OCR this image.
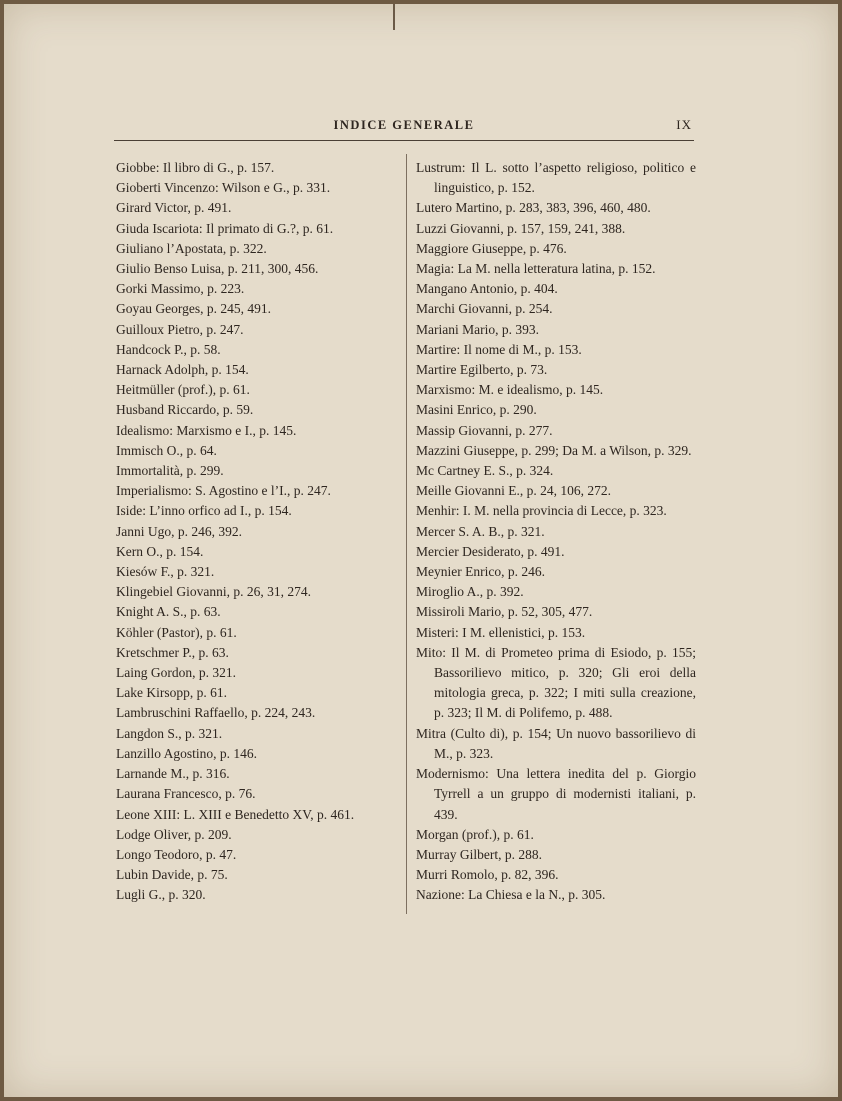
INDICE GENERALE	IX

Giobbe: Il libro di G., p. 157.

Gioberti Vincenzo: Wilson e G., p. 331.

Girard Victor, p. 491.

Giuda Iscariota: Il primato di G.?, p. 61.

Giuliano l’Apostata, p. 322.

Giulio Benso Luisa, p. 211, 300, 456.

Gorki Massimo, p. 223.

Goyau Georges, p. 245, 491.

Guilloux Pietro, p. 247.

Handcock P., p. 58.

Harnack Adolph, p. 154.

Heitmüller (prof.), p. 61.

Husband Riccardo, p. 59.

Idealismo: Marxismo e I., p. 145.

Immisch O., p. 64.

Immortalità, p. 299.

Imperialismo: S. Agostino e l’I., p. 247.

Iside: L’inno orfico ad I., p. 154.

Janni Ugo, p. 246, 392.

Kern O., p. 154.

Kiesów F., p. 321.

Klingebiel Giovanni, p. 26, 31, 274.

Knight A. S., p. 63.

Köhler (Pastor), p. 61.

Kretschmer P., p. 63.

Laing Gordon, p. 321.

Lake Kirsopp, p. 61.

Lambruschini Raffaello, p. 224, 243.

Langdon S., p. 321.

Lanzillo Agostino, p. 146.

Larnande M., p. 316.

Laurana Francesco, p. 76.

Leone XIII: L. XIII e Benedetto XV, p. 461.

Lodge Oliver, p. 209.

Longo Teodoro, p. 47.

Lubin Davide, p. 75.

Lugli G., p. 320.

Lustrum: Il L. sotto l’aspetto religioso, politico e linguistico, p. 152.

Lutero Martino, p. 283, 383, 396, 460, 480.

Luzzi Giovanni, p. 157, 159, 241, 388.

Maggiore Giuseppe, p. 476.

Magia: La M. nella letteratura latina, p. 152.

Mangano Antonio, p. 404.

Marchi Giovanni, p. 254.

Mariani Mario, p. 393.

Martire: Il nome di M., p. 153.

Martire Egilberto, p. 73.

Marxismo: M. e idealismo, p. 145.

Masini Enrico, p. 290.

Massip Giovanni, p. 277.

Mazzini Giuseppe, p. 299; Da M. a Wilson, p. 329.

Mc Cartney E. S., p. 324.

Meille Giovanni E., p. 24, 106, 272.

Menhir: I. M. nella provincia di Lecce, p. 323.

Mercer S. A. B., p. 321.

Mercier Desiderato, p. 491.

Meynier Enrico, p. 246.

Miroglio A., p. 392.

Missiroli Mario, p. 52, 305, 477.

Misteri: I M. ellenistici, p. 153.

Mito: Il M. di Prometeo prima di Esiodo, p. 155; Bassorilievo mitico, p. 320; Gli eroi della mitologia greca, p. 322; I miti sulla creazione, p. 323; Il M. di Polifemo, p. 488.

Mitra (Culto di), p. 154; Un nuovo bassorilievo di M., p. 323.

Modernismo: Una lettera inedita del p. Giorgio Tyrrell a un gruppo di modernisti italiani, p. 439.

Morgan (prof.), p. 61.

Murray Gilbert, p. 288.

Murri Romolo, p. 82, 396.

Nazione: La Chiesa e la N., p. 305.
